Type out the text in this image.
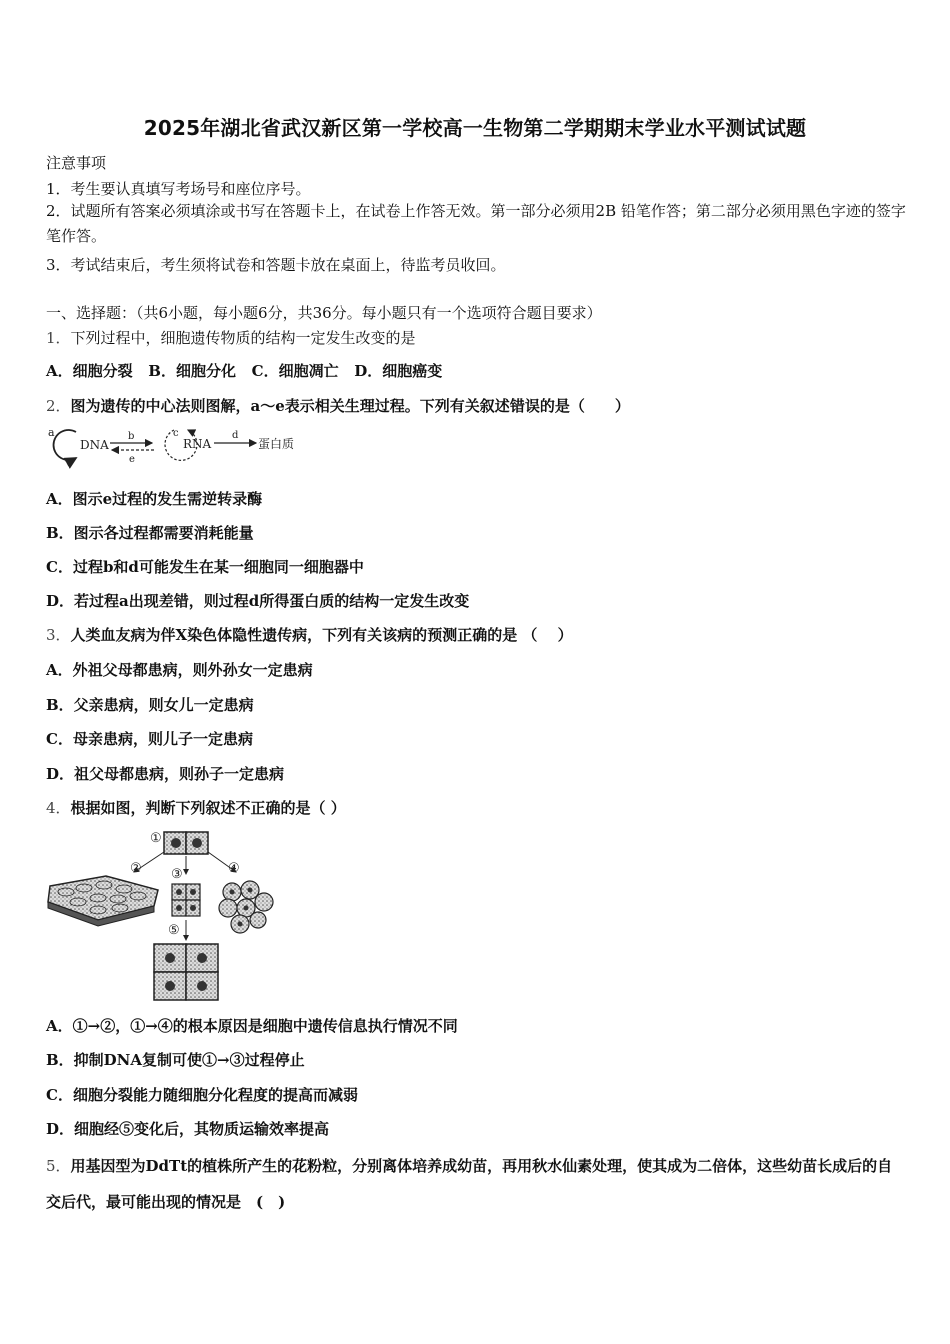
2025年湖北省武汉新区第一学校高一生物第二学期期末学业水平测试试题
注意事项
1．考生要认真填写考场号和座位序号。
2．试题所有答案必须填涂或书写在答题卡上，在试卷上作答无效。第一部分必须用2B 铅笔作答；第二部分必须用黑色字迹的签字笔作答。
3．考试结束后，考生须将试卷和答题卡放在桌面上，待监考员收回。
一、选择题：（共6小题，每小题6分，共36分。每小题只有一个选项符合题目要求）
1．下列过程中，细胞遗传物质的结构一定发生改变的是
A．细胞分裂   B．细胞分化   C．细胞凋亡   D．细胞癌变
2．图为遗传的中心法则图解，a～e表示相关生理过程。下列有关叙述错误的是（　　）
a
DNA
b
e
c
RNA
d
蛋白质
A．图示e过程的发生需逆转录酶
B．图示各过程都需要消耗能量
C．过程b和d可能发生在某一细胞同一细胞器中
D．若过程a出现差错，则过程d所得蛋白质的结构一定发生改变
3．人类血友病为伴X染色体隐性遗传病，下列有关该病的预测正确的是 （　 ）
A．外祖父母都患病，则外孙女一定患病
B．父亲患病，则女儿一定患病
C．母亲患病，则儿子一定患病
D．祖父母都患病，则孙子一定患病
4．根据如图，判断下列叙述不正确的是（ ）
①
② ③	④
⑤
A．①→②，①→④的根本原因是细胞中遗传信息执行情况不同
B．抑制DNA复制可使①→③过程停止
C．细胞分裂能力随细胞分化程度的提高而减弱
D．细胞经⑤变化后，其物质运输效率提高
5．用基因型为DdTt的植株所产生的花粉粒，分别离体培养成幼苗，再用秋水仙素处理，使其成为二倍体，这些幼苗长成后的自交后代，最可能出现的情况是　(　)
